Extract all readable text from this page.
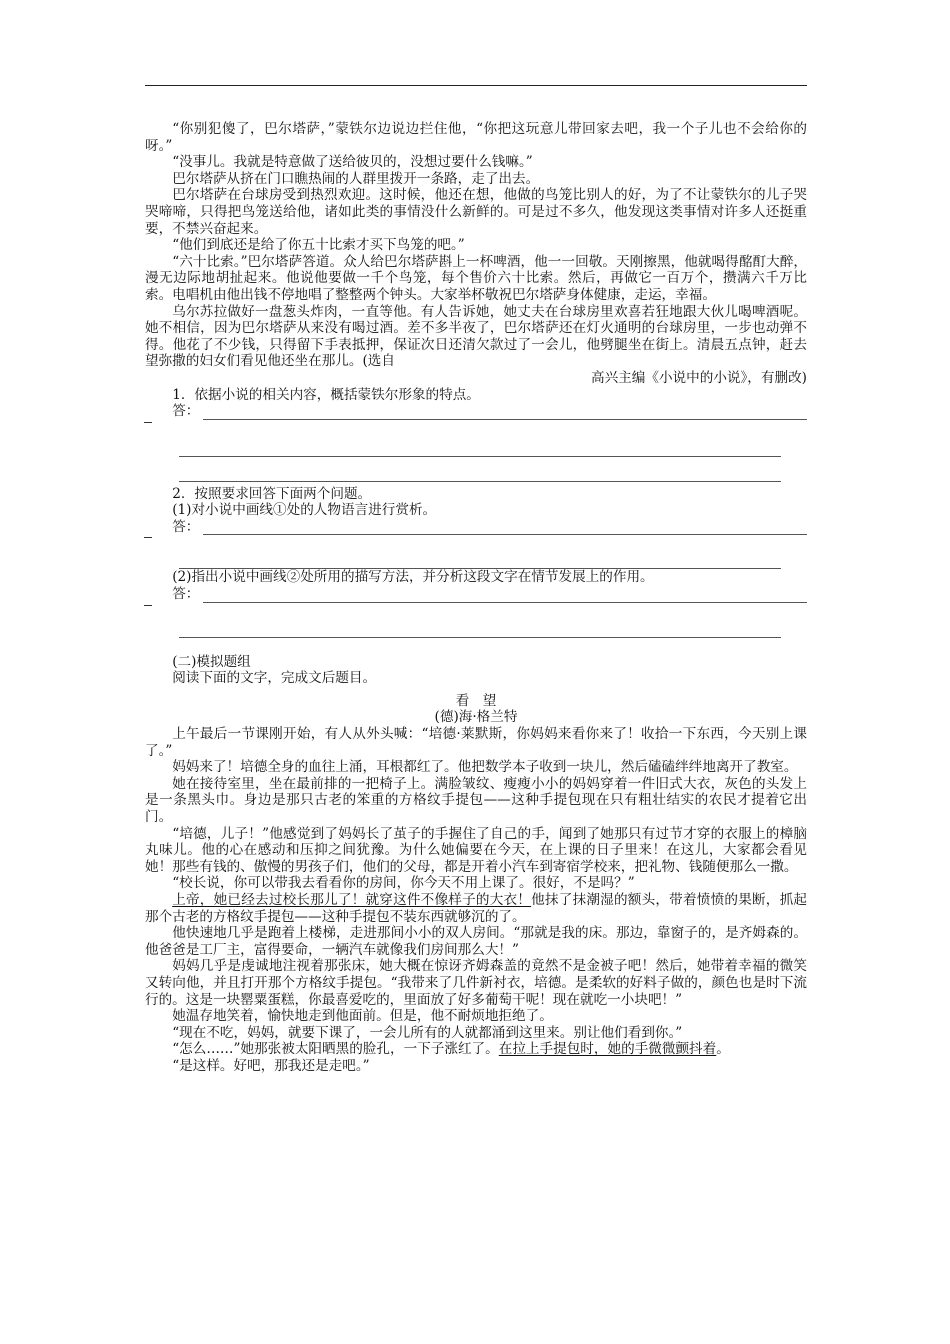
“你别犯傻了，巴尔塔萨，”蒙铁尔边说边拦住他，“你把这玩意儿带回家去吧，我一个子儿也不会给你的呀。”

“没事儿。我就是特意做了送给彼贝的，没想过要什么钱嘛。”

巴尔塔萨从挤在门口瞧热闹的人群里拨开一条路，走了出去。

巴尔塔萨在台球房受到热烈欢迎。这时候，他还在想，他做的鸟笼比别人的好，为了不让蒙铁尔的儿子哭哭啼啼，只得把鸟笼送给他，诸如此类的事情没什么新鲜的。可是过不多久，他发现这类事情对许多人还挺重要，不禁兴奋起来。

“他们到底还是给了你五十比索才买下鸟笼的吧。”

“六十比索。”巴尔塔萨答道。众人给巴尔塔萨斟上一杯啤酒，他一一回敬。天刚擦黑，他就喝得酩酊大醉，漫无边际地胡扯起来。他说他要做一千个鸟笼，每个售价六十比索。然后，再做它一百万个，攒满六千万比索。电唱机由他出钱不停地唱了整整两个钟头。大家举杯敬祝巴尔塔萨身体健康，走运，幸福。

乌尔苏拉做好一盘葱头炸肉，一直等他。有人告诉她，她丈夫在台球房里欢喜若狂地跟大伙儿喝啤酒呢。她不相信，因为巴尔塔萨从来没有喝过酒。差不多半夜了，巴尔塔萨还在灯火通明的台球房里，一步也动弹不得。他花了不少钱，只得留下手表抵押，保证次日还清欠款过了一会儿，他劈腿坐在街上。清晨五点钟，赶去望弥撒的妇女们看见他还坐在那儿。(选自

高兴主编《小说中的小说》，有删改)

1．依据小说的相关内容，概括蒙铁尔形象的特点。

答：

2．按照要求回答下面两个问题。

(1)对小说中画线①处的人物语言进行赏析。

答：

(2)指出小说中画线②处所用的描写方法，并分析这段文字在情节发展上的作用。

答：

(二)模拟题组

阅读下面的文字，完成文后题目。

看　望

(德)海·格兰特

上午最后一节课刚开始，有人从外头喊：“培德·莱默斯，你妈妈来看你来了！收拾一下东西，今天别上课了。”

妈妈来了！培德全身的血往上涌，耳根都红了。他把数学本子收到一块儿，然后磕磕绊绊地离开了教室。

她在接待室里，坐在最前排的一把椅子上。满脸皱纹、瘦瘦小小的妈妈穿着一件旧式大衣，灰色的头发上是一条黑头巾。身边是那只古老的笨重的方格纹手提包——这种手提包现在只有粗壮结实的农民才提着它出门。

“培德，儿子！”他感觉到了妈妈长了茧子的手握住了自己的手，闻到了她那只有过节才穿的衣服上的樟脑丸味儿。他的心在感动和压抑之间犹豫。为什么她偏要在今天，在上课的日子里来！在这儿，大家都会看见她！那些有钱的、傲慢的男孩子们，他们的父母，都是开着小汽车到寄宿学校来，把礼物、钱随便那么一撒。

“校长说，你可以带我去看看你的房间，你今天不用上课了。很好，不是吗？”

上帝，她已经去过校长那儿了！就穿这件不像样子的大衣！他抹了抹潮湿的额头，带着愤愤的果断，抓起那个古老的方格纹手提包——这种手提包不装东西就够沉的了。

他快速地几乎是跑着上楼梯，走进那间小小的双人房间。“那就是我的床。那边，靠窗子的，是齐姆森的。他爸爸是工厂主，富得要命，一辆汽车就像我们房间那么大！”

妈妈几乎是虔诚地注视着那张床，她大概在惊讶齐姆森盖的竟然不是金被子吧！然后，她带着幸福的微笑又转向他，并且打开那个方格纹手提包。“我带来了几件新衬衣，培德。是柔软的好料子做的，颜色也是时下流行的。这是一块罂粟蛋糕，你最喜爱吃的，里面放了好多葡萄干呢！现在就吃一小块吧！”

她温存地笑着，愉快地走到他面前。但是，他不耐烦地拒绝了。

“现在不吃，妈妈，就要下课了，一会儿所有的人就都涌到这里来。别让他们看到你。”

“怎么……”她那张被太阳晒黑的脸孔，一下子涨红了。在拉上手提包时，她的手微微颤抖着。

“是这样。好吧，那我还是走吧。”
